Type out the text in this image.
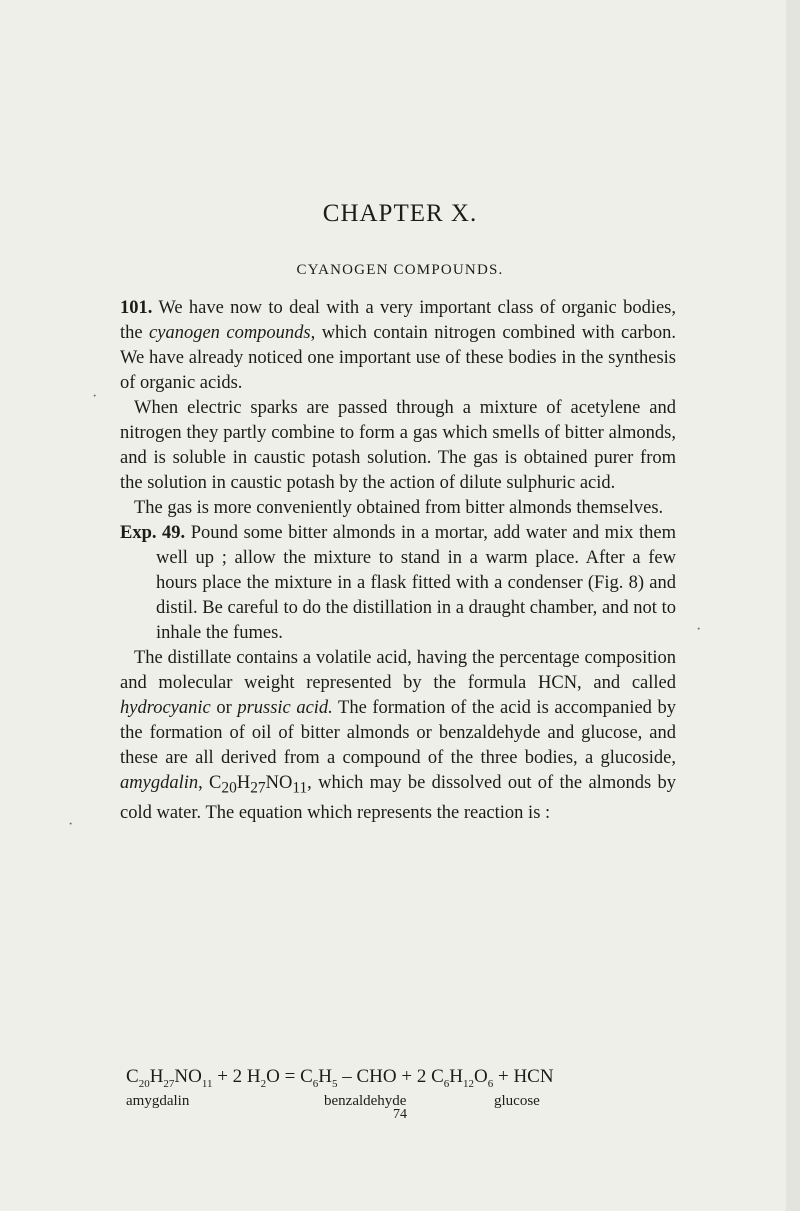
CHAPTER X.
CYANOGEN COMPOUNDS.

101. We have now to deal with a very important class of organic bodies, the cyanogen compounds, which contain nitrogen combined with carbon. We have already noticed one important use of these bodies in the synthesis of organic acids.

When electric sparks are passed through a mixture of acetylene and nitrogen they partly combine to form a gas which smells of bitter almonds, and is soluble in caustic potash solution. The gas is obtained purer from the solution in caustic potash by the action of dilute sulphuric acid.

The gas is more conveniently obtained from bitter almonds themselves.

Exp. 49. Pound some bitter almonds in a mortar, add water and mix them well up ; allow the mixture to stand in a warm place. After a few hours place the mixture in a flask fitted with a condenser (Fig. 8) and distil. Be careful to do the distillation in a draught chamber, and not to inhale the fumes.

The distillate contains a volatile acid, having the percentage composition and molecular weight represented by the formula HCN, and called hydrocyanic or prussic acid. The formation of the acid is accompanied by the formation of oil of bitter almonds or benzaldehyde and glucose, and these are all derived from a compound of the three bodies, a glucoside, amygdalin, $C_{20}H_{27}NO_{11}$, which may be dissolved out of the almonds by cold water. The equation which represents the reaction is :

$C_{20}H_{27}NO_{11} + 2$ $H_2O = C_6H_5$ – CHO + 2 $C_6H_{12}O_6$ + HCN
amygdalin	benzaldehyde	glucose
74
·
·
·
